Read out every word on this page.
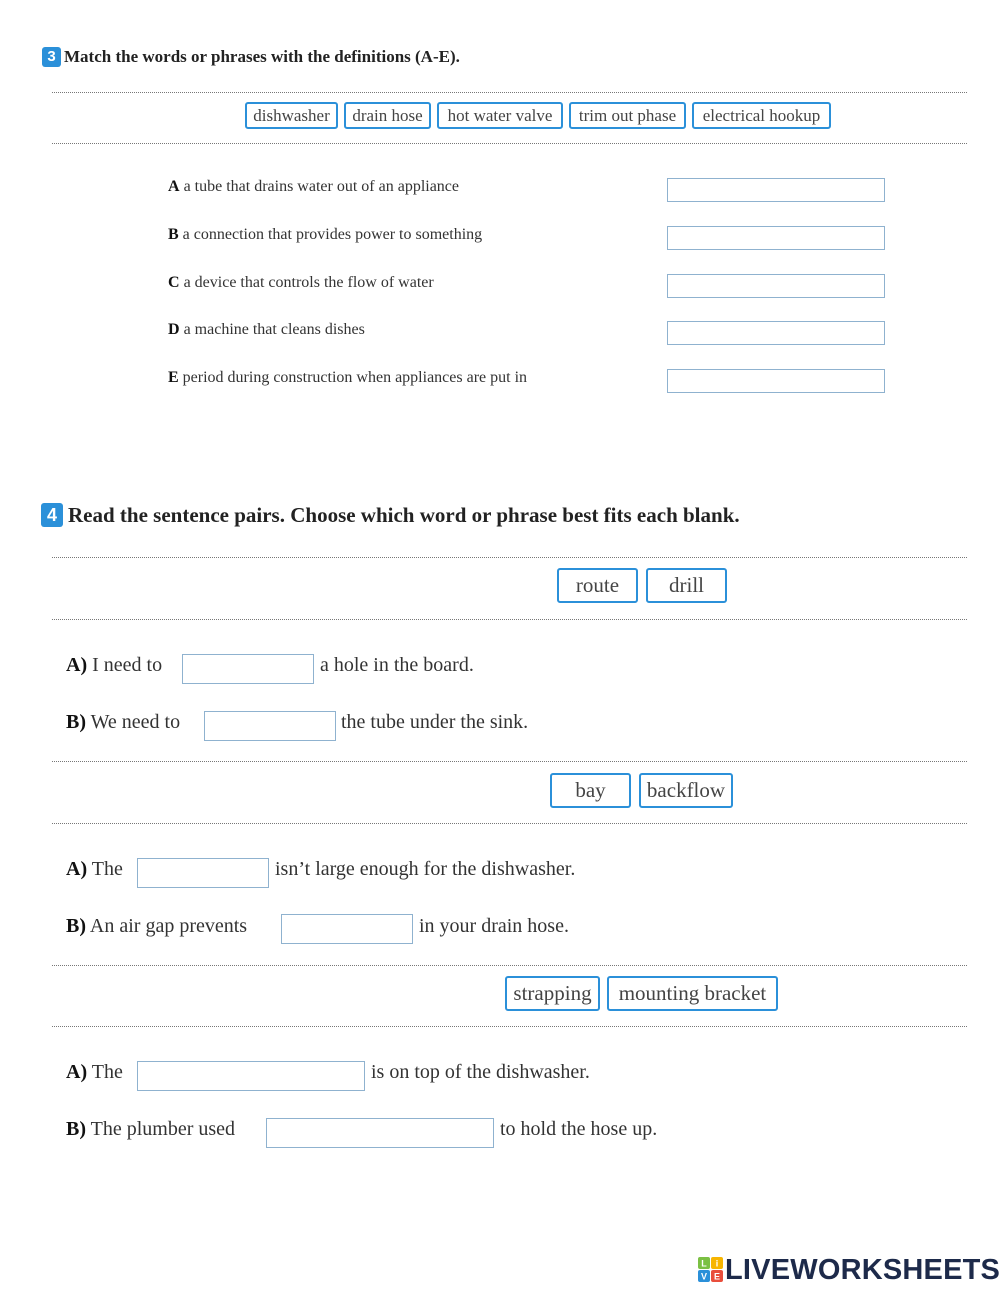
3 Match the words or phrases with the definitions (A-E).
dishwasher	drain hose	hot water valve	trim out phase	electrical hookup
A a tube that drains water out of an appliance
B a connection that provides power to something
C a device that controls the flow of water
D a machine that cleans dishes
E period during construction when appliances are put in
4 Read the sentence pairs. Choose which word or phrase best fits each blank.
route	drill
A) I need to	a hole in the board.
B) We need to	the tube under the sink.
bay	backflow
A) The	isn’t large enough for the dishwasher.
B) An air gap prevents	in your drain hose.
strapping	mounting bracket
A) The	is on top of the dishwasher.
B) The plumber used	to hold the hose up.
L i
V E LIVEWORKSHEETS
